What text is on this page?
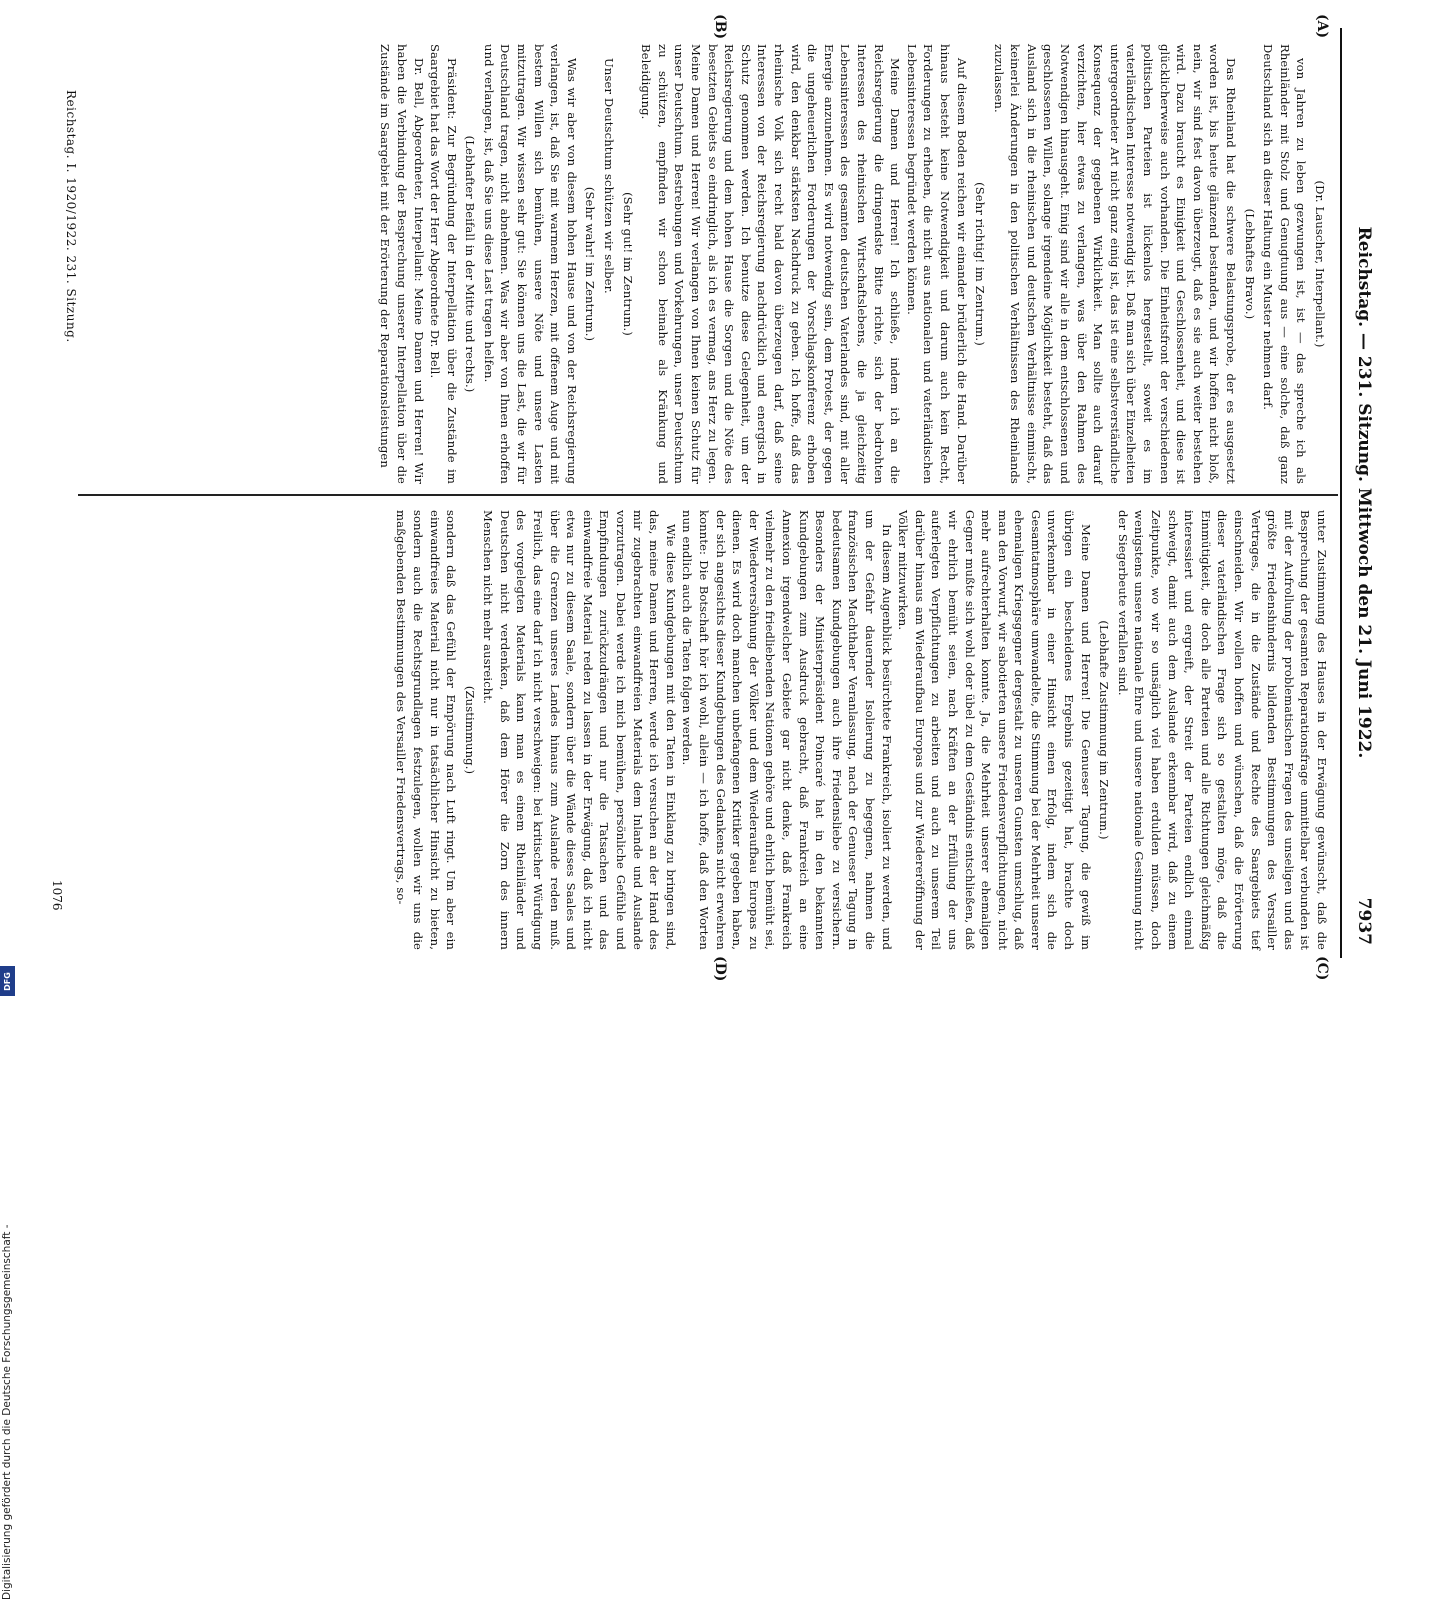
Digitalisierung gefördert durch die Deutsche Forschungsgemeinschaft -
DFG
Reichstag. — 231. Sitzung. Mittwoch den 21. Juni 1922.
7937
(A)
(B)
(C)
(D)

(Dr. Lauscher, Interpellant.)

von Jahren zu leben gezwungen ist, ist — das spreche ich als Rheinländer mit Stolz und Genugtuung aus — eine solche, daß ganz Deutschland sich an dieser Haltung ein Muster nehmen darf.

(Lebhaftes Bravo.)

Das Rheinland hat die schwere Belastungsprobe, der es ausgesetzt worden ist, bis heute glänzend bestanden, und wir hoffen nicht bloß, nein, wir sind fest davon überzeugt, daß es sie auch weiter bestehen wird. Dazu braucht es Einigkeit und Geschlossenheit, und diese ist glücklicherweise auch vorhanden. Die Einheitsfront der verschiedenen politischen Parteien ist lückenlos hergestellt, soweit es im vaterländischen Interesse notwendig ist. Daß man sich über Einzelheiten untergeordneter Art nicht ganz einig ist, das ist eine selbstverständliche Konsequenz der gegebenen Wirklichkeit. Man sollte auch darauf verzichten, hier etwas zu verlangen, was über den Rahmen des Notwendigen hinausgeht. Einig sind wir alle in dem entschlossenen und geschlossenen Willen, solange irgendeine Möglichkeit besteht, daß das Ausland sich in die rheinischen und deutschen Verhältnisse einmischt, keinerlei Änderungen in den politischen Verhältnissen des Rheinlands zuzulassen.

(Sehr richtig! im Zentrum.)

Auf diesem Boden reichen wir einander brüderlich die Hand. Darüber hinaus besteht keine Notwendigkeit und darum auch kein Recht, Forderungen zu erheben, die nicht aus nationalen und vaterländischen Lebensinteressen begründet werden können.

Meine Damen und Herren! Ich schließe, indem ich an die Reichsregierung die dringendste Bitte richte, sich der bedrohten Interessen des rheinischen Wirtschaftslebens, die ja gleichzeitig Lebensinteressen des gesamten deutschen Vaterlandes sind, mit aller Energie anzunehmen. Es wird notwendig sein, dem Protest, der gegen die ungeheuerlichen Forderungen der Vorschlagskonferenz erhoben wird, den denkbar stärksten Nachdruck zu geben. Ich hoffe, daß das rheinische Volk sich recht bald davon überzeugen darf, daß seine Interessen von der Reichsregierung nachdrücklich und energisch in Schutz genommen werden. Ich benutze diese Gelegenheit, um der Reichsregierung und dem hohen Hause die Sorgen und die Nöte des besetzten Gebiets so eindringlich, als ich es vermag, ans Herz zu legen. Meine Damen und Herren! Wir verlangen von Ihnen keinen Schutz für unser Deutschtum. Bestrebungen und Vorkehrungen, unser Deutschtum zu schützen, empfinden wir schon beinahe als Kränkung und Beleidigung.

(Sehr gut! im Zentrum.)

Unser Deutschtum schützen wir selber.

(Sehr wahr! im Zentrum.)

Was wir aber von diesem hohen Hause und von der Reichsregierung verlangen, ist, daß Sie mit warmem Herzen, mit offenem Auge und mit bestem Willen sich bemühen, unsere Nöte und unsere Lasten mitzutragen. Wir wissen sehr gut: Sie können uns die Last, die wir für Deutschland tragen, nicht abnehmen. Was wir aber von Ihnen erhoffen und verlangen, ist, daß Sie uns diese Last tragen helfen.

(Lebhafter Beifall in der Mitte und rechts.)

Präsident: Zur Begründung der Interpellation über die Zustände im Saargebiet hat das Wort der Herr Abgeordnete Dr. Bell.

Dr. Bell, Abgeordneter, Interpellant: Meine Damen und Herren! Wir haben die Verbindung der Besprechung unserer Interpellation über die Zustände im Saargebiet mit der Erörterung der Reparationsleistungen

unter Zustimmung des Hauses in der Erwägung gewünscht, daß die Besprechung der gesamten Reparationsfrage unmittelbar verbunden ist mit der Aufrollung der problematischen Fragen des unseligen und das größte Friedenshindernis bildenden Bestimmungen des Versailler Vertrages, die in die Zustände und Rechte des Saargebiets tief einschneiden. Wir wollen hoffen und wünschen, daß die Erörterung dieser vaterländischen Frage sich so gestalten möge, daß die Einmütigkeit, die doch alle Parteien und alle Richtungen gleichmäßig interessiert und ergreift, der Streit der Parteien endlich einmal schweigt, damit auch dem Auslande erkennbar wird, daß zu einem Zeitpunkte, wo wir so unsäglich viel haben erdulden müssen, doch wenigstens unsere nationale Ehre und unsere nationale Gesinnung nicht der Siegerbeute verfallen sind.

(Lebhafte Zustimmung im Zentrum.)

Meine Damen und Herren! Die Genueser Tagung, die gewiß im übrigen ein bescheidenes Ergebnis gezeitigt hat, brachte doch unverkennbar in einer Hinsicht einen Erfolg, indem sich die Gesamtatmosphäre umwandelte, die Stimmung bei der Mehrheit unserer ehemaligen Kriegsgegner dergestalt zu unseren Gunsten umschlug, daß man den Vorwurf, wir sabotierten unsere Friedensverpflichtungen, nicht mehr aufrechterhalten konnte. Ja, die Mehrheit unserer ehemaligen Gegner mußte sich wohl oder übel zu dem Geständnis entschließen, daß wir ehrlich bemüht seien, nach Kräften an der Erfüllung der uns auferlegten Verpflichtungen zu arbeiten und auch zu unserem Teil darüber hinaus am Wiederaufbau Europas und zur Wiedereröffnung der Völker mitzuwirken.

In diesem Augenblick besürchtete Frankreich, isoliert zu werden, und um der Gefahr dauernder Isolierung zu begegnen, nahmen die französischen Machthaber Veranlassung, nach der Genueser Tagung in bedeutsamen Kundgebungen auch ihre Friedensliebe zu versichern. Besonders der Ministerpräsident Poincaré hat in den bekannten Kundgebungen zum Ausdruck gebracht, daß Frankreich an eine Annexion irgendwelcher Gebiete gar nicht denke, daß Frankreich vielmehr zu den friedliebenden Nationen gehöre und ehrlich bemüht sei, der Wiederversöhnung der Völker und dem Wiederaufbau Europas zu dienen. Es wird doch manchen unbefangenen Kritiker gegeben haben, der sich angesichts dieser Kundgebungen des Gedankens nicht erwehren konnte: Die Botschaft hör ich wohl, allein — ich hoffe, daß den Worten nun endlich auch die Taten folgen werden.

Wie diese Kundgebungen mit den Taten in Einklang zu bringen sind, das, meine Damen und Herren, werde ich versuchen an der Hand des mir zugebrachten einwandfreien Materials dem Inlande und Auslande vorzutragen. Dabei werde ich mich bemühen, persönliche Gefühle und Empfindungen zurückzudrängen und nur die Tatsachen und das einwandfreie Material reden zu lassen in der Erwägung, daß ich nicht etwa nur zu diesem Saale, sondern über die Wände dieses Saales und über die Grenzen unseres Landes hinaus zum Auslande reden muß. Freilich, das eine darf ich nicht verschweigen: bei kritischer Würdigung des vorgelegten Materials kann man es einem Rheinländer und Deutschen nicht verdenken, daß dem Hörer die Zorn des innern Menschen nicht mehr ausreicht.

(Zustimmung.)

sondern daß das Gefühl der Empörung nach Luft ringt. Um aber ein einwandfreies Material nicht nur in tatsächlicher Hinsicht zu bieten, sondern auch die Rechtsgrundlagen festzulegen, wollen wir uns die maßgebenden Bestimmungen des Versailler Friedensvertrags, so-

Reichstag. I. 1920/1922. 231. Sitzung.
1076
